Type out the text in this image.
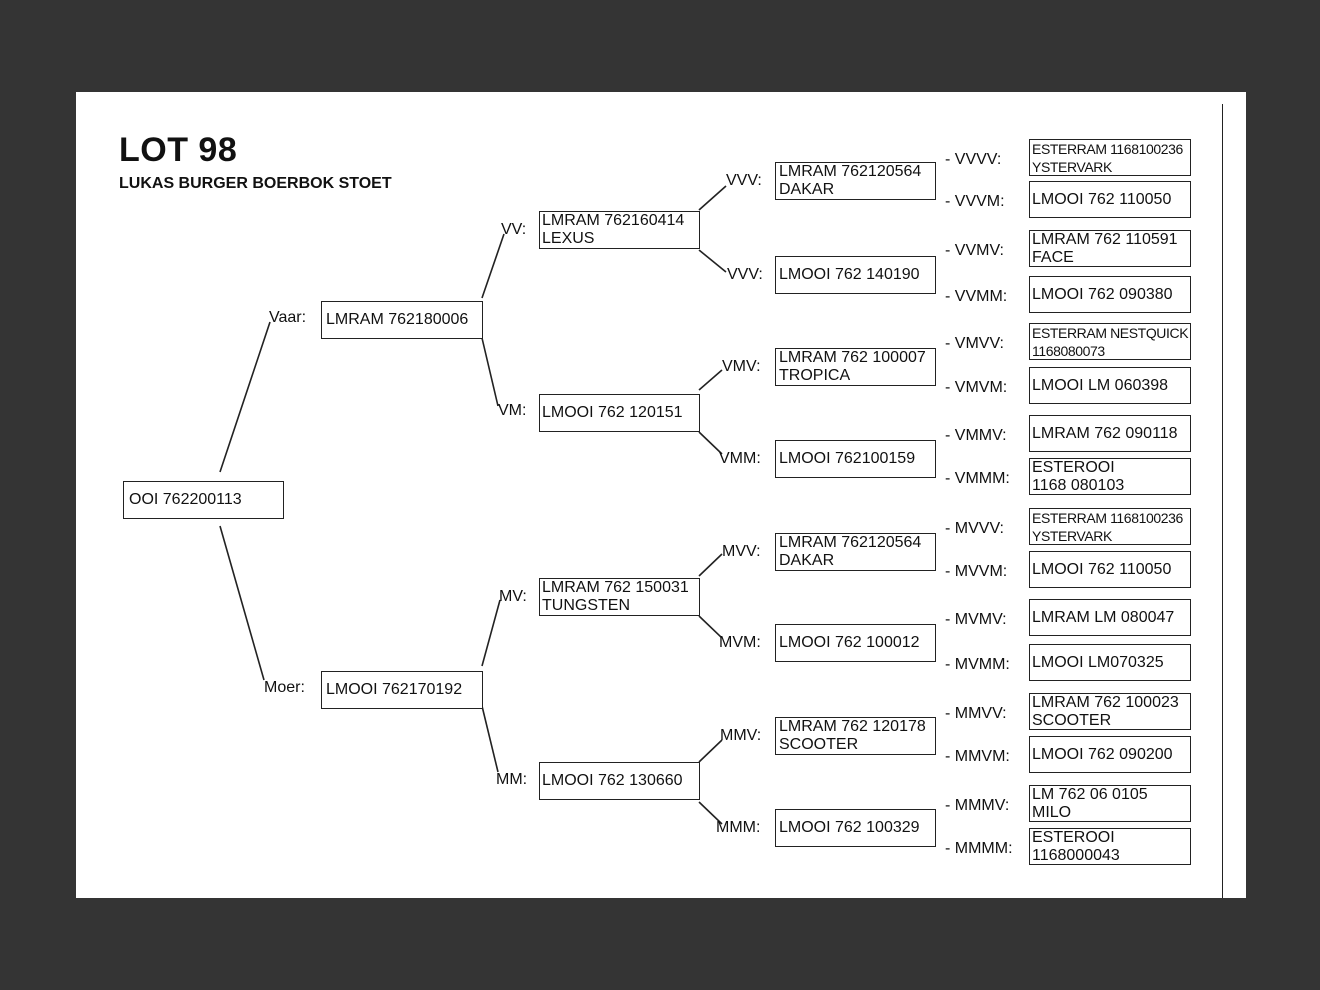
LOT 98
LUKAS BURGER BOERBOK STOET
OOI 762200113
LMRAM 762180006
Vaar:
LMOOI 762170192
Moer:
LMRAM 762160414
LEXUS
VV:
LMOOI 762 120151
VM:
LMRAM 762 150031
TUNGSTEN
MV:
LMOOI 762 130660
MM:
LMRAM 762120564
DAKAR
VVV:
LMOOI 762 140190
VVV:
LMRAM 762 100007
TROPICA
VMV:
LMOOI 762100159
VMM:
LMRAM 762120564
DAKAR
MVV:
LMOOI 762 100012
MVM:
LMRAM 762 120178
SCOOTER
MMV:
LMOOI 762 100329
MMM:
ESTERRAM 1168100236
YSTERVARK
- VVVV:
LMOOI 762 110050
- VVVM:
LMRAM 762 110591
FACE
- VVMV:
LMOOI 762 090380
- VVMM:
ESTERRAM NESTQUICK
1168080073
- VMVV:
LMOOI LM 060398
- VMVM:
LMRAM 762 090118
- VMMV:
ESTEROOI
1168 080103
- VMMM:
ESTERRAM 1168100236
YSTERVARK
- MVVV:
LMOOI 762 110050
- MVVM:
LMRAM LM 080047
- MVMV:
LMOOI LM070325
- MVMM:
LMRAM 762 100023
SCOOTER
- MMVV:
LMOOI 762 090200
- MMVM:
LM 762 06 0105
MILO
- MMMV:
ESTEROOI
1168000043
- MMMM:
